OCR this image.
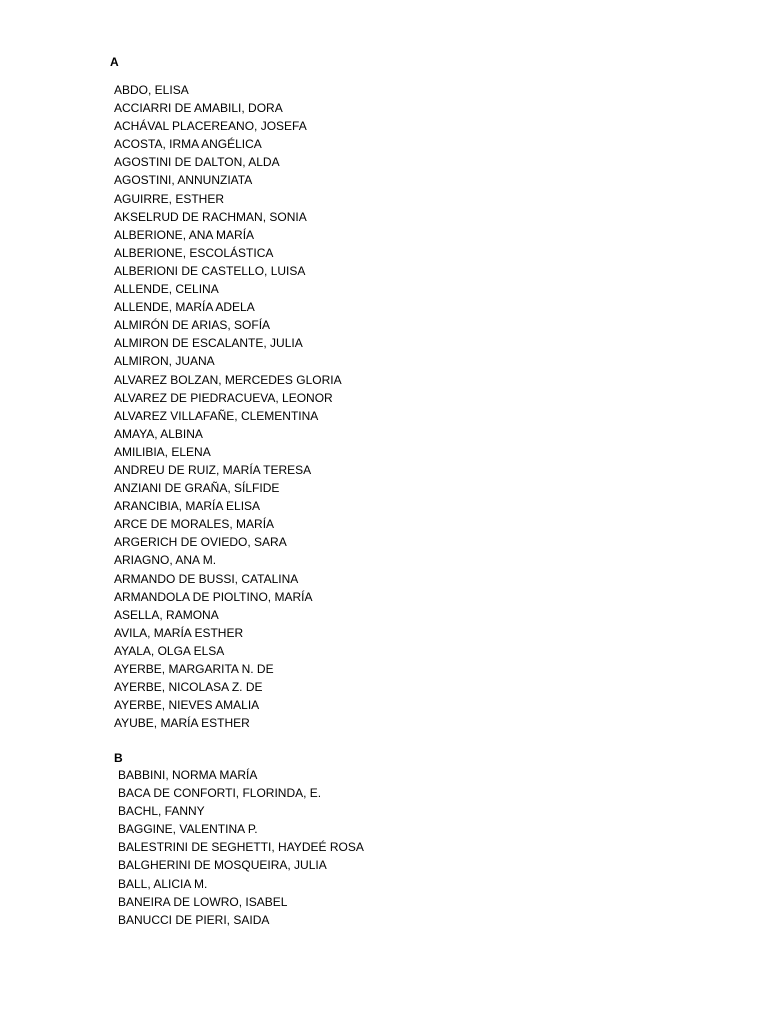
A

ABDO, ELISA
ACCIARRI DE AMABILI, DORA
ACHÁVAL PLACEREANO, JOSEFA
ACOSTA, IRMA ANGÉLICA
AGOSTINI DE DALTON, ALDA
AGOSTINI, ANNUNZIATA
AGUIRRE, ESTHER
AKSELRUD DE RACHMAN, SONIA
ALBERIONE, ANA MARÍA
ALBERIONE, ESCOLÁSTICA
ALBERIONI DE CASTELLO, LUISA
ALLENDE, CELINA
ALLENDE, MARÍA ADELA
ALMIRÓN DE ARIAS, SOFÍA
ALMIRON DE ESCALANTE, JULIA
ALMIRON, JUANA
ALVAREZ BOLZAN, MERCEDES GLORIA
ALVAREZ DE PIEDRACUEVA, LEONOR
ALVAREZ VILLAFAÑE, CLEMENTINA
AMAYA, ALBINA
AMILIBIA, ELENA
ANDREU DE RUIZ, MARÍA TERESA
ANZIANI DE GRAÑA, SÍLFIDE
ARANCIBIA, MARÍA ELISA
ARCE DE MORALES, MARÍA
ARGERICH DE OVIEDO, SARA
ARIAGNO, ANA M.
ARMANDO DE BUSSI, CATALINA
ARMANDOLA DE PIOLTINO, MARÍA
ASELLA, RAMONA
AVILA, MARÍA ESTHER
AYALA, OLGA ELSA
AYERBE, MARGARITA N. DE
AYERBE, NICOLASA Z. DE
AYERBE, NIEVES AMALIA
AYUBE, MARÍA ESTHER

B

BABBINI, NORMA MARÍA
BACA DE CONFORTI, FLORINDA, E.
BACHL, FANNY
BAGGINE, VALENTINA P.
BALESTRINI DE SEGHETTI, HAYDEÉ ROSA
BALGHERINI DE MOSQUEIRA, JULIA
BALL, ALICIA M.
BANEIRA DE LOWRO, ISABEL
BANUCCI DE PIERI, SAIDA
